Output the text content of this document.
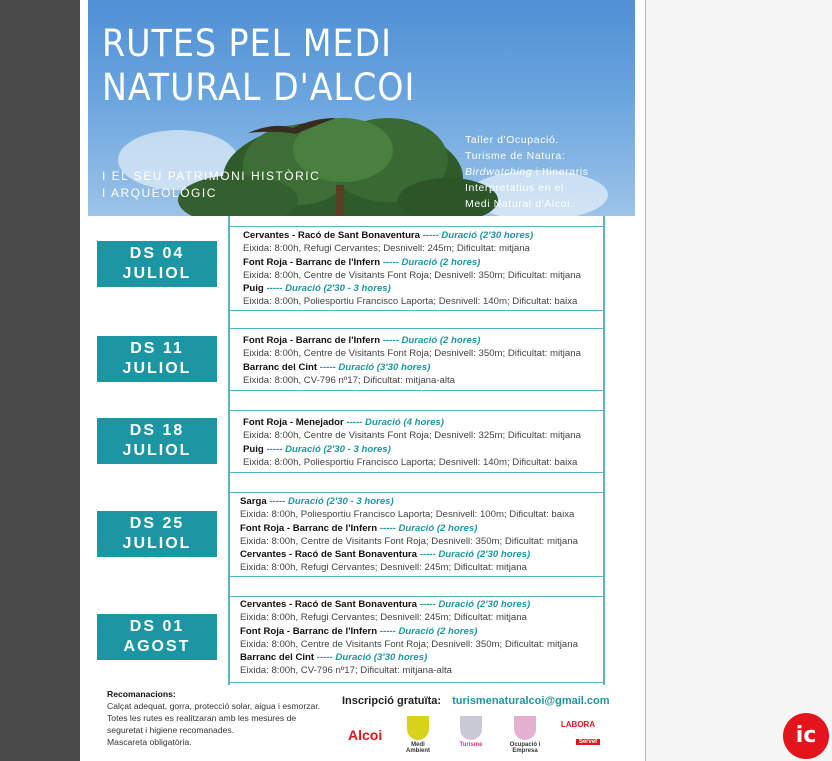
RUTES PEL MEDI
NATURAL D'ALCOI
I EL SEU PATRIMONI HISTÒRIC
I ARQUEOLÒGIC
Taller d'Ocupació.
Turisme de Natura:
Birdwatching i Itineraris
Interpretatius en el
Medi Natural d'Alcoi.
DS 04
JULIOL
DS 11
JULIOL
DS 18
JULIOL
DS 25
JULIOL
DS 01
AGOST
Cervantes - Racó de Sant Bonaventura ----- Duració (2'30 hores)
Eixida: 8:00h, Refugi Cervantes; Desnivell: 245m; Dificultat: mitjana
Font Roja - Barranc de l'Infern ----- Duració (2 hores)
Eixida: 8:00h, Centre de Visitants Font Roja; Desnivell: 350m; Dificultat: mitjana
Puig ----- Duració (2'30 - 3 hores)
Eixida: 8:00h, Poliesportiu Francisco Laporta; Desnivell: 140m; Dificultat: baixa
Font Roja - Barranc de l'Infern ----- Duració (2 hores)
Eixida: 8:00h, Centre de Visitants Font Roja; Desnivell: 350m; Dificultat: mitjana
Barranc del Cint ----- Duració (3'30 hores)
Eixida: 8:00h, CV-796 nº17; Dificultat: mitjana-alta
Font Roja - Menejador ----- Duració (4 hores)
Eixida: 8:00h, Centre de Visitants Font Roja; Desnivell: 325m; Dificultat: mitjana
Puig ----- Duració (2'30 - 3 hores)
Eixida: 8:00h, Poliesportiu Francisco Laporta; Desnivell: 140m; Dificultat: baixa
Sarga ----- Duració (2'30 - 3 hores)
Eixida: 8:00h, Poliesportiu Francisco Laporta; Desnivell: 100m; Dificultat: baixa
Font Roja - Barranc de l'Infern ----- Duració (2 hores)
Eixida: 8:00h, Centre de Visitants Font Roja; Desnivell: 350m; Dificultat: mitjana
Cervantes - Racó de Sant Bonaventura ----- Duració (2'30 hores)
Eixida: 8:00h, Refugi Cervantes; Desnivell: 245m; Dificultat: mitjana
Cervantes - Racó de Sant Bonaventura ----- Duració (2'30 hores)
Eixida: 8:00h, Refugi Cervantes; Desnivell: 245m; Dificultat: mitjana
Font Roja - Barranc de l'Infern ----- Duració (2 hores)
Eixida: 8:00h, Centre de Visitants Font Roja; Desnivell: 350m; Dificultat: mitjana
Barranc del Cint ----- Duració (3'30 hores)
Eixida: 8:00h, CV-796 nº17; Dificultat: mitjana-alta
Recomanacions:
Calçat adequat, gorra, protecció solar, aigua i esmorzar.
Totes les rutes es realitzaran amb les mesures de
seguretat i higiene recomanades.
Mascareta obligatòria.
Inscripció gratuïta: turismenaturalcoi@gmail.com
Alcoi
Medi Ambient
Turisme	Ocupació i Empresa
LABORA
Servef	ic
